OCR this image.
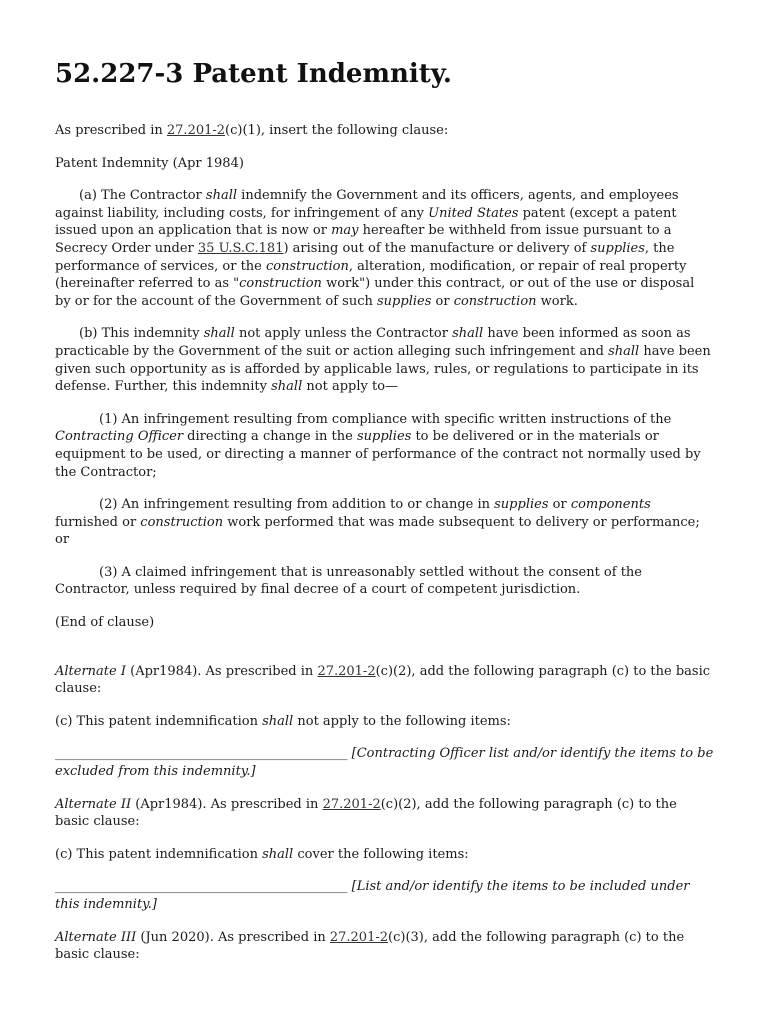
52.227-3 Patent Indemnity.

As prescribed in 27.201-2(c)(1), insert the following clause:

Patent Indemnity (Apr 1984)

(a) The Contractor shall indemnify the Government and its officers, agents, and employees against liability, including costs, for infringement of any United States patent (except a patent issued upon an application that is now or may hereafter be withheld from issue pursuant to a Secrecy Order under 35 U.S.C.181) arising out of the manufacture or delivery of supplies, the performance of services, or the construction, alteration, modification, or repair of real property (hereinafter referred to as "construction work") under this contract, or out of the use or disposal by or for the account of the Government of such supplies or construction work.

(b) This indemnity shall not apply unless the Contractor shall have been informed as soon as practicable by the Government of the suit or action alleging such infringement and shall have been given such opportunity as is afforded by applicable laws, rules, or regulations to participate in its defense. Further, this indemnity shall not apply to—

(1) An infringement resulting from compliance with specific written instructions of the Contracting Officer directing a change in the supplies to be delivered or in the materials or equipment to be used, or directing a manner of performance of the contract not normally used by the Contractor;

(2) An infringement resulting from addition to or change in supplies or components furnished or construction work performed that was made subsequent to delivery or performance; or

(3) A claimed infringement that is unreasonably settled without the consent of the Contractor, unless required by final decree of a court of competent jurisdiction.

(End of clause)

Alternate I (Apr1984). As prescribed in 27.201-2(c)(2), add the following paragraph (c) to the basic clause:

(c) This patent indemnification shall not apply to the following items:

_____________________________________________ [Contracting Officer list and/or identify the items to be excluded from this indemnity.]

Alternate II (Apr1984). As prescribed in 27.201-2(c)(2), add the following paragraph (c) to the basic clause:

(c) This patent indemnification shall cover the following items:

_____________________________________________ [List and/or identify the items to be included under this indemnity.]

Alternate III (Jun 2020). As prescribed in 27.201-2(c)(3), add the following paragraph (c) to the basic clause:
